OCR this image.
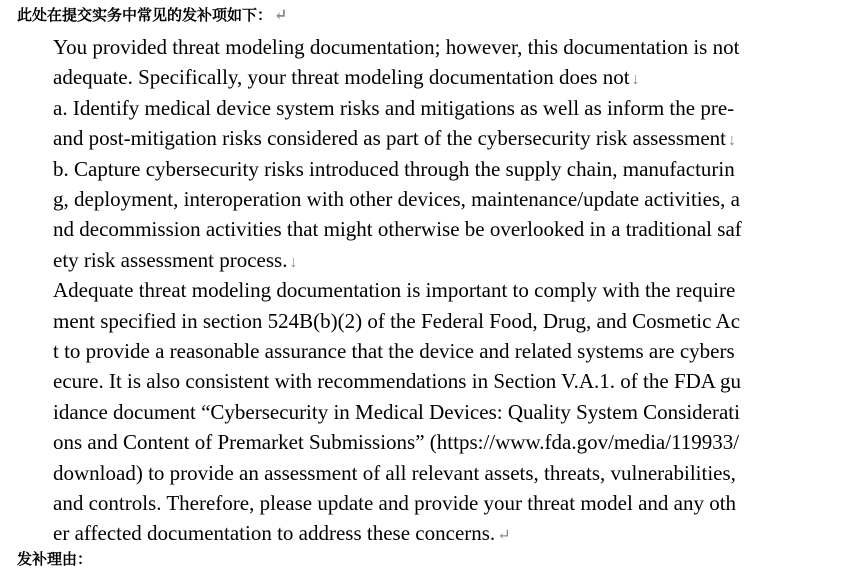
此处在提交实务中常见的发补项如下： ↵
You provided threat modeling documentation; however, this documentation is not
adequate. Specifically, your threat modeling documentation does not ↓
a. Identify medical device system risks and mitigations as well as inform the pre-
and post-mitigation risks considered as part of the cybersecurity risk assessment ↓
b. Capture cybersecurity risks introduced through the supply chain, manufacturin
g, deployment, interoperation with other devices, maintenance/update activities, a
nd decommission activities that might otherwise be overlooked in a traditional saf
ety risk assessment process. ↓
Adequate threat modeling documentation is important to comply with the require
ment specified in section 524B(b)(2) of the Federal Food, Drug, and Cosmetic Ac
t to provide a reasonable assurance that the device and related systems are cybers
ecure. It is also consistent with recommendations in Section V.A.1. of the FDA gu
idance document “Cybersecurity in Medical Devices: Quality System Considerati
ons and Content of Premarket Submissions” (https://www.fda.gov/media/119933/
download) to provide an assessment of all relevant assets, threats, vulnerabilities,
and controls. Therefore, please update and provide your threat model and any oth
er affected documentation to address these concerns. ↵
发补理由：
